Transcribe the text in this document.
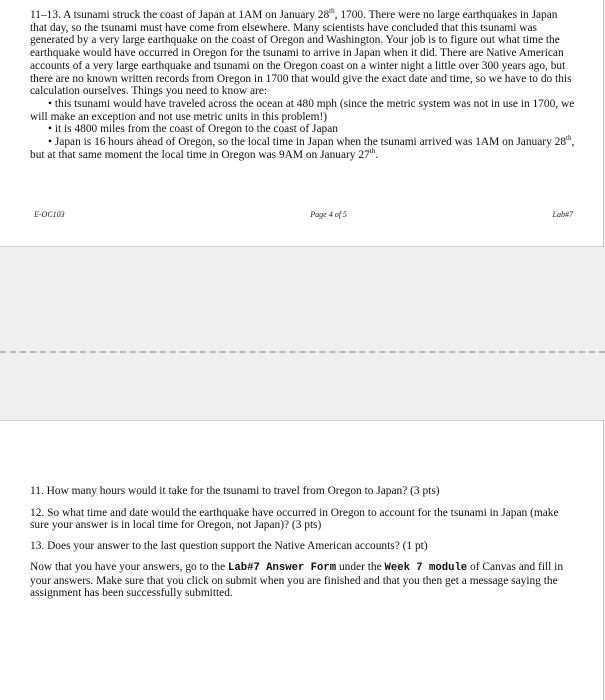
11–13. A tsunami struck the coast of Japan at 1AM on January 28th, 1700. There were no large earthquakes in Japan that day, so the tsunami must have come from elsewhere. Many scientists have concluded that this tsunami was generated by a very large earthquake on the coast of Oregon and Washington. Your job is to figure out what time the earthquake would have occurred in Oregon for the tsunami to arrive in Japan when it did. There are Native American accounts of a very large earthquake and tsunami on the Oregon coast on a winter night a little over 300 years ago, but there are no known written records from Oregon in 1700 that would give the exact date and time, so we have to do this calculation ourselves. Things you need to know are:

• this tsunami would have traveled across the ocean at 480 mph (since the metric system was not in use in 1700, we will make an exception and not use metric units in this problem!)

• it is 4800 miles from the coast of Oregon to the coast of Japan

• Japan is 16 hours ahead of Oregon, so the local time in Japan when the tsunami arrived was 1AM on January 28th, but at that same moment the local time in Oregon was 9AM on January 27th.

E-OC103	Page 4 of 5	Lab#7

11. How many hours would it take for the tsunami to travel from Oregon to Japan? (3 pts)

12. So what time and date would the earthquake have occurred in Oregon to account for the tsunami in Japan (make sure your answer is in local time for Oregon, not Japan)? (3 pts)

13. Does your answer to the last question support the Native American accounts? (1 pt)

Now that you have your answers, go to the Lab#7 Answer Form under the Week 7 module of Canvas and fill in your answers. Make sure that you click on submit when you are finished and that you then get a message saying the assignment has been successfully submitted.
